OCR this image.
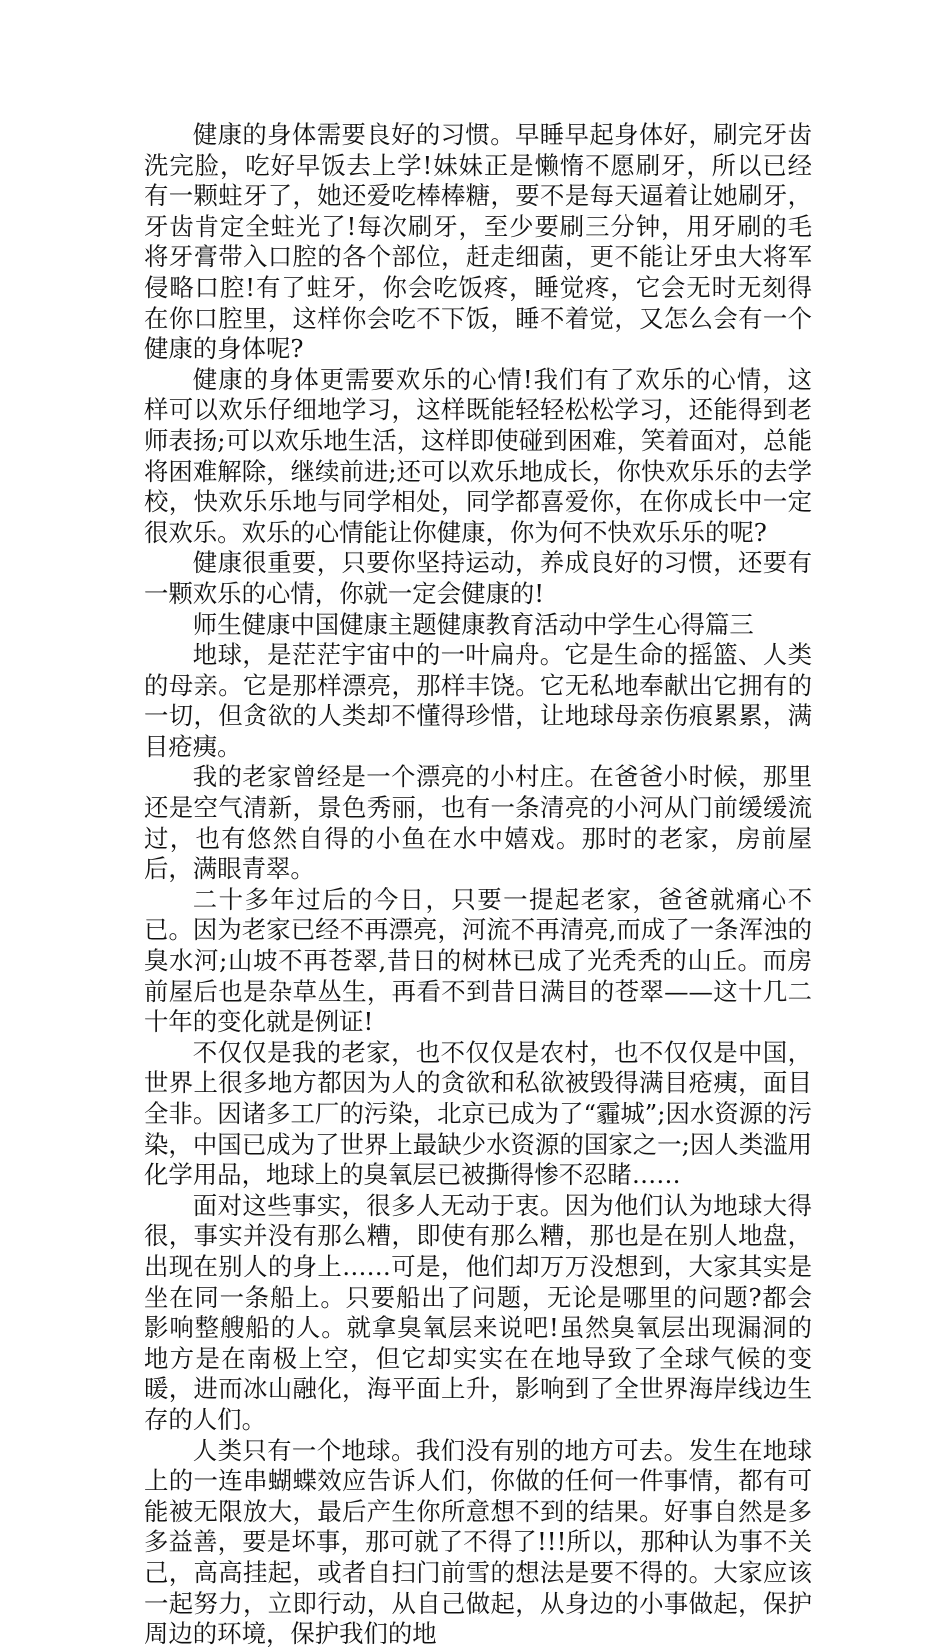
健康的身体需要良好的习惯。早睡早起身体好，刷完牙齿洗完脸，吃好早饭去上学!妹妹正是懒惰不愿刷牙，所以已经有一颗蛀牙了，她还爱吃棒棒糖，要不是每天逼着让她刷牙，牙齿肯定全蛀光了!每次刷牙，至少要刷三分钟，用牙刷的毛将牙膏带入口腔的各个部位，赶走细菌，更不能让牙虫大将军侵略口腔!有了蛀牙，你会吃饭疼，睡觉疼，它会无时无刻得在你口腔里，这样你会吃不下饭，睡不着觉，又怎么会有一个健康的身体呢?

健康的身体更需要欢乐的心情!我们有了欢乐的心情，这样可以欢乐仔细地学习，这样既能轻轻松松学习，还能得到老师表扬;可以欢乐地生活，这样即使碰到困难，笑着面对，总能将困难解除，继续前进;还可以欢乐地成长，你快欢乐乐的去学校，快欢乐乐地与同学相处，同学都喜爱你，在你成长中一定很欢乐。欢乐的心情能让你健康，你为何不快欢乐乐的呢?

健康很重要，只要你坚持运动，养成良好的习惯，还要有一颗欢乐的心情，你就一定会健康的!

师生健康中国健康主题健康教育活动中学生心得篇三

地球，是茫茫宇宙中的一叶扁舟。它是生命的摇篮、人类的母亲。它是那样漂亮，那样丰饶。它无私地奉献出它拥有的一切，但贪欲的人类却不懂得珍惜，让地球母亲伤痕累累，满目疮痍。

我的老家曾经是一个漂亮的小村庄。在爸爸小时候，那里还是空气清新，景色秀丽，也有一条清亮的小河从门前缓缓流过，也有悠然自得的小鱼在水中嬉戏。那时的老家，房前屋后，满眼青翠。

二十多年过后的今日，只要一提起老家，爸爸就痛心不已。因为老家已经不再漂亮，河流不再清亮,而成了一条浑浊的臭水河;山坡不再苍翠,昔日的树林已成了光秃秃的山丘。而房前屋后也是杂草丛生，再看不到昔日满目的苍翠——这十几二十年的变化就是例证!

不仅仅是我的老家，也不仅仅是农村，也不仅仅是中国，世界上很多地方都因为人的贪欲和私欲被毁得满目疮痍，面目全非。因诸多工厂的污染，北京已成为了“霾城”;因水资源的污染，中国已成为了世界上最缺少水资源的国家之一;因人类滥用化学用品，地球上的臭氧层已被撕得惨不忍睹……

面对这些事实，很多人无动于衷。因为他们认为地球大得很，事实并没有那么糟，即使有那么糟，那也是在别人地盘，出现在别人的身上……可是，他们却万万没想到，大家其实是坐在同一条船上。只要船出了问题，无论是哪里的问题?都会影响整艘船的人。就拿臭氧层来说吧!虽然臭氧层出现漏洞的地方是在南极上空，但它却实实在在地导致了全球气候的变暖，进而冰山融化，海平面上升，影响到了全世界海岸线边生存的人们。

人类只有一个地球。我们没有别的地方可去。发生在地球上的一连串蝴蝶效应告诉人们，你做的任何一件事情，都有可能被无限放大，最后产生你所意想不到的结果。好事自然是多多益善，要是坏事，那可就了不得了!!!所以，那种认为事不关己，高高挂起，或者自扫门前雪的想法是要不得的。大家应该一起努力，立即行动，从自己做起，从身边的小事做起，保护周边的环境，保护我们的地
